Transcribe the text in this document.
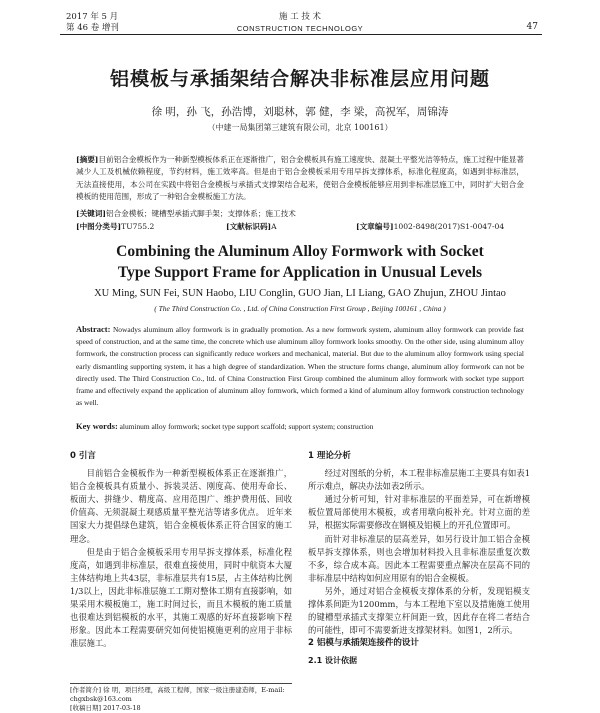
2017 年 5 月
第 46 卷 增刊
施 工 技 术
CONSTRUCTION TECHNOLOGY	47
铝模板与承插架结合解决非标准层应用问题
徐 明，孙 飞，孙浩博，刘聪林，郭 健，李 梁，高祝军，周锦涛
（中建一局集团第三建筑有限公司，北京 100161）
[摘要]目前铝合金模板作为一种新型模板体系正在逐渐推广，铝合金模板具有施工速度快、混凝土平整光洁等特点，施工过程中能显著减少人工及机械依赖程度，节约材料，施工效率高。但是由于铝合金模板采用专用早拆支撑体系，标准化程度高，如遇到非标准层，无法直接使用，本公司在实践中将铝合金模板与承插式支撑架结合起来，使铝合金模板能够应用到非标准层施工中，同时扩大铝合金模板的使用范围，形成了一种铝合金模板施工方法。
[关键词]铝合金模板；键槽型承插式脚手架；支撑体系；施工技术
[中图分类号]TU755.2	[文献标识码]A	[文章编号]1002-8498(2017)S1-0047-04
Combining the Aluminum Alloy Formwork with Socket
Type Support Frame for Application in Unusual Levels
XU Ming, SUN Fei, SUN Haobo, LIU Conglin, GUO Jian, LI Liang, GAO Zhujun, ZHOU Jintao
( The Third Construction Co. , Ltd. of China Construction First Group , Beijing 100161 , China )
Abstract: Nowadys aluminum alloy formwork is in gradually promotion. As a new formwork system, aluminum alloy formwork can provide fast speed of construction, and at the same time, the concrete which use aluminum alloy formwork looks smoothy. On the other side, using aluminum alloy formwork, the construction process can significantly reduce workers and mechanical, material. But due to the aluminum alloy formwork using special early dismantling supporting system, it has a high degree of standardization. When the structure forms change, aluminum alloy formwork can not be directly used. The Third Construction Co., ltd. of China Construction First Group combined the aluminum alloy formwork with socket type support frame and effectively expand the application of aluminum alloy formwork, which formed a kind of aluminum alloy formwork construction technology as well.
Key words: aluminum alloy formwork; socket type support scaffold; support system; construction
0 引言

目前铝合金模板作为一种新型模板体系正在逐渐推广，铝合金模板具有质量小、拆装灵活、刚度高、使用寿命长、板面大、拼缝少、精度高、应用范围广、维护费用低、回收价值高、无须混凝土观感质量平整光洁等诸多优点。 近年来国家大力提倡绿色建筑，铝合金模板体系正符合国家的施工理念。

但是由于铝合金模板采用专用早拆支撑体系，标准化程度高，如遇到非标准层，很难直接使用，同时中航资本大厦主体结构地上共43层，非标准层共有15层，占主体结构比例1/3以上，因此非标准层施工工期对整体工期有直接影响，如果采用木模板施工，施工时间过长，而且木模板的施工质量也很难达到铝模板的水平，其施工观感的好坏直接影响下程形象。因此本工程需要研究如何使铝模施更利的应用于非标准层施工。

1 理论分析

经过对图纸的分析，本工程非标准层施工主要具有如表1所示难点，解决办法如表2所示。

通过分析可知，针对非标准层的平面差异，可在新增模板位置局部使用木模板，或者用墩向板补充。针对立面的差异，根据实际需要修改在钢模及铝模上的开孔位置即可。

而针对非标准层的层高差异，如另行设计加工铝合金模板早拆支撑体系，则也会增加材料投入且非标准层重复次数不多，综合成本高。因此本工程需要重点解决在层高不同的非标准层中结构如何应用原有的铝合金模板。

另外，通过对铝合金模板支撑体系的分析，发现铝模支撑体系间距为1200mm，与本工程地下室以及措施施工使用的键槽型承插式支撑架立杆间距一致，因此存在将二者结合的可能性，即可不需要新进支撑架材料。如图1，2所示。

2 铝模与承插架连接件的设计
2.1 设计依据
[作者简介] 徐 明，项目经理，高级工程师，国家一级注册建造师，E-mail: chgxbsk@163.com
[收稿日期] 2017-03-18
